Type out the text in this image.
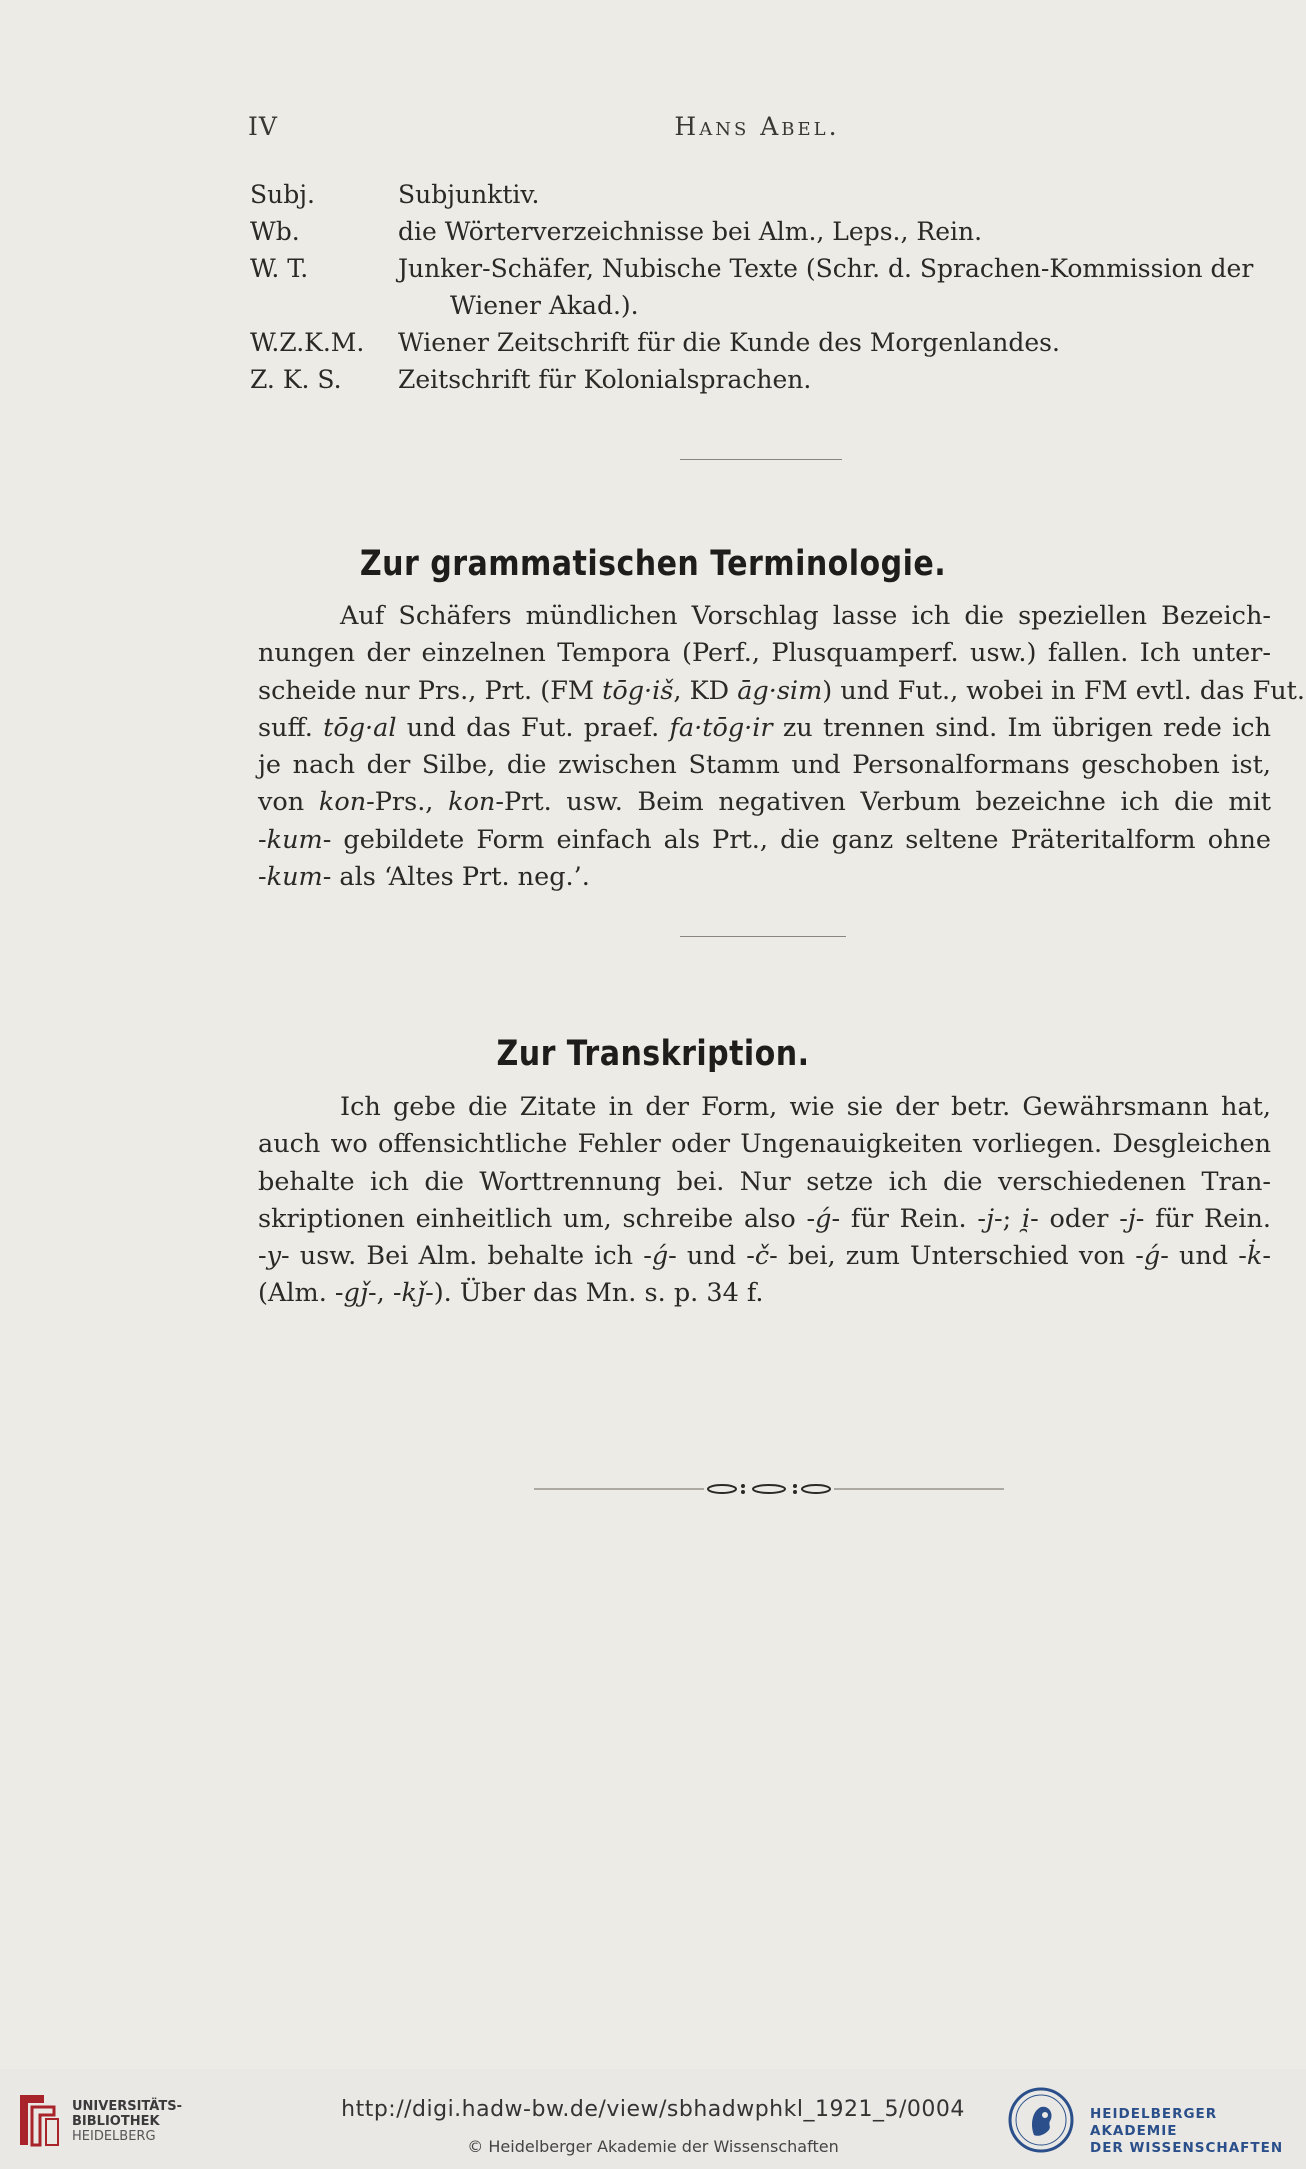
IV	Hans Abel.
Subj.	Subjunktiv.
Wb.	die Wörterverzeichnisse bei Alm., Leps., Rein.
W. T.	Junker-Schäfer, Nubische Texte (Schr. d. Sprachen-Kommission der
Wiener Akad.).
W.Z.K.M.	Wiener Zeitschrift für die Kunde des Morgenlandes.
Z. K. S.	Zeitschrift für Kolonialsprachen.
Zur grammatischen Terminologie.
Auf Schäfers mündlichen Vorschlag lasse ich die speziellen Bezeich-
nungen der einzelnen Tempora (Perf., Plusquamperf. usw.) fallen. Ich unter-
scheide nur Prs., Prt. (FM tōg·iš, KD āg·sim) und Fut., wobei in FM evtl. das Fut.
suff. tōg·al und das Fut. praef. fa·tōg·ir zu trennen sind. Im übrigen rede ich
je nach der Silbe, die zwischen Stamm und Personalformans geschoben ist,
von kon-Prs., kon-Prt. usw. Beim negativen Verbum bezeichne ich die mit
-kum- gebildete Form einfach als Prt., die ganz seltene Präteritalform ohne
-kum- als ‘Altes Prt. neg.’.
Zur Transkription.
Ich gebe die Zitate in der Form, wie sie der betr. Gewährsmann hat,
auch wo offensichtliche Fehler oder Ungenauigkeiten vorliegen. Desgleichen
behalte ich die Worttrennung bei. Nur setze ich die verschiedenen Tran-
skriptionen einheitlich um, schreibe also -ǵ- für Rein. -j-; i̯- oder -j- für Rein.
-y- usw. Bei Alm. behalte ich -ǵ- und -č- bei, zum Unterschied von -ǵ- und -k̇-
(Alm. -gǰ-, -kǰ-). Über das Mn. s. p. 34 f.
UNIVERSITÄTS-
BIBLIOTHEK
HEIDELBERG
http://digi.hadw-bw.de/view/sbhadwphkl_1921_5/0004
© Heidelberger Akademie der Wissenschaften
HEIDELBERGER AKADEMIE
DER WISSENSCHAFTEN
